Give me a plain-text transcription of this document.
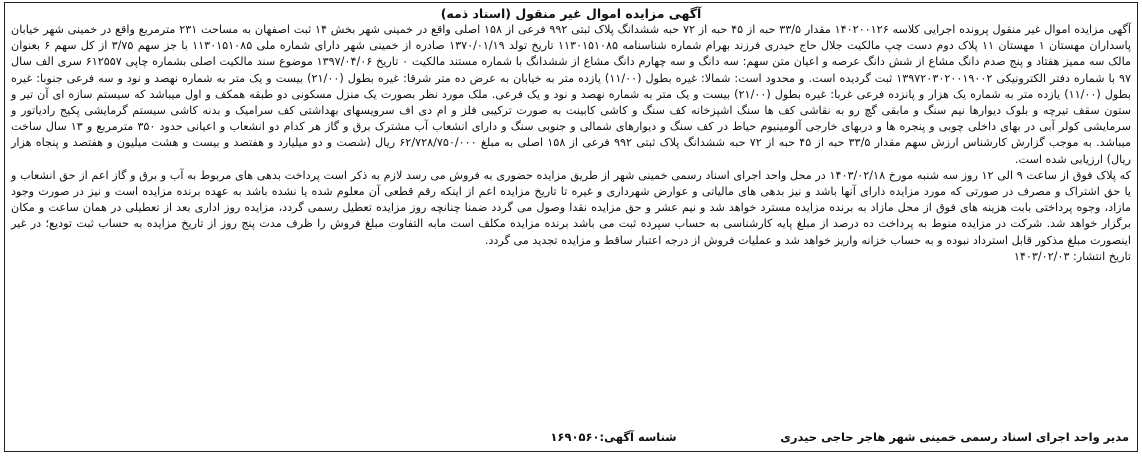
آگهی مزایده اموال غیر منقول (اسناد ذمه)

آگهی مزایده اموال غیر منقول پرونده اجرایی کلاسه ۱۴۰۲۰۰۱۲۶ مقدار ۳۳/۵ حبه از ۴۵ حبه از ۷۲ حبه ششدانگ پلاک ثبتی ۹۹۲ فرعی از ۱۵۸ اصلی واقع در خمینی شهر بخش ۱۴ ثبت اصفهان به مساحت ۲۳۱ مترمربع واقع در خمینی شهر خیابان پاسداران مهستان ۱ مهستان ۱۱ پلاک دوم دست چپ مالکیت جلال حاج حیدری فرزند بهرام شماره شناسنامه ۱۱۳۰۱۵۱۰۸۵ تاریخ تولد ۱۳۷۰/۰۱/۱۹ صادره از خمینی شهر دارای شماره ملی ۱۱۳۰۱۵۱۰۸۵ با جز سهم ۳/۷۵ از کل سهم ۶ بعنوان مالک سه ممیز هفتاد و پنج صدم دانگ مشاع از شش دانگ عرصه و اعیان متن سهم: سه دانگ و سه چهارم دانگ مشاع از ششدانگ با شماره مستند مالکیت ۰ تاریخ ۱۳۹۷/۰۴/۰۶ موضوع سند مالکیت اصلی بشماره چاپی ۶۱۲۵۵۷ سری الف سال ۹۷ با شماره دفتر الکترونیکی ۱۳۹۷۲۰۳۰۲۰۰۱۹۰۰۲ ثبت گردیده است. و محدود است: شمالا: غیره بطول (۱۱/۰۰) یازده متر به خیابان به عرض ده متر شرقا: غیره بطول (۲۱/۰۰) بیست و یک متر به شماره نهصد و نود و سه فرعی جنوبا: غیره بطول (۱۱/۰۰) یازده متر به شماره یک هزار و پانزده فرعی غربا: غیره بطول (۲۱/۰۰) بیست و یک متر به شماره نهصد و نود و یک فرعی. ملک مورد نظر بصورت یک منزل مسکونی دو طبقه همکف و اول میباشد که سیستم سازه ای آن تیر و ستون سقف تیرچه و بلوک دیوارها نیم سنگ و مابقی گچ رو به نقاشی کف ها سنگ اشپزخانه کف سنگ و کاشی کابینت به صورت ترکیبی فلز و ام دی اف سرویسهای بهداشتی کف سرامیک و بدنه کاشی سیستم گرمایشی پکیج رادیاتور و سرمایشی کولر آبی در بهای داخلی چوبی و پنجره ها و دربهای خارجی آلومینیوم حیاط در کف سنگ و دیوارهای شمالی و جنوبی سنگ و دارای انشعاب آب مشترک برق و گاز هر کدام دو انشعاب و اعیانی حدود ۳۵۰ مترمربع و ۱۳ سال ساخت میباشد. به موجب گزارش کارشناس ارزش سهم مقدار ۳۳/۵ حبه از ۴۵ حبه از ۷۲ حبه ششدانگ پلاک ثبتی ۹۹۲ فرعی از ۱۵۸ اصلی به مبلغ ۶۲/۷۲۸/۷۵۰/۰۰۰ ریال (شصت و دو میلیارد و هفتصد و بیست و هشت میلیون و هفتصد و پنجاه هزار ریال) ارزیابی شده است.

که پلاک فوق از ساعت ۹ الی ۱۲ روز سه شنبه مورخ ۱۴۰۳/۰۲/۱۸ در محل واحد اجرای اسناد رسمی خمینی شهر از طریق مزایده حضوری به فروش می رسد لازم به ذکر است پرداخت بدهی های مربوط به آب و برق و گاز اعم از حق انشعاب و یا حق اشتراک و مصرف در صورتی که مورد مزایده دارای آنها باشد و نیز بدهی های مالیاتی و عوارض شهرداری و غیره تا تاریخ مزایده اعم از اینکه رقم قطعی آن معلوم شده یا نشده باشد به عهده برنده مزایده است و نیز در صورت وجود مازاد، وجوه پرداختی بابت هزینه های فوق از محل مازاد به برنده مزایده مسترد خواهد شد و نیم عشر و حق مزایده نقدا وصول می گردد ضمنا چنانچه روز مزایده تعطیل رسمی گردد، مزایده روز اداری بعد از تعطیلی در همان ساعت و مکان برگزار خواهد شد. شرکت در مزایده منوط به پرداخت ده درصد از مبلغ پایه کارشناسی به حساب سپرده ثبت می باشد برنده مزایده مکلف است مابه التفاوت مبلغ فروش را ظرف مدت پنج روز از تاریخ مزایده به حساب ثبت تودیع؛ در غیر اینصورت مبلغ مذکور قابل استرداد نبوده و به حساب خزانه واریز خواهد شد و عملیات فروش از درجه اعتبار ساقط و مزایده تجدید می گردد.

تاریخ انتشار: ۱۴۰۳/۰۲/۰۳

مدیر واحد اجرای اسناد رسمی خمینی شهر هاجر حاجی حیدری شناسه آگهی:۱۶۹۰۵۶۰
